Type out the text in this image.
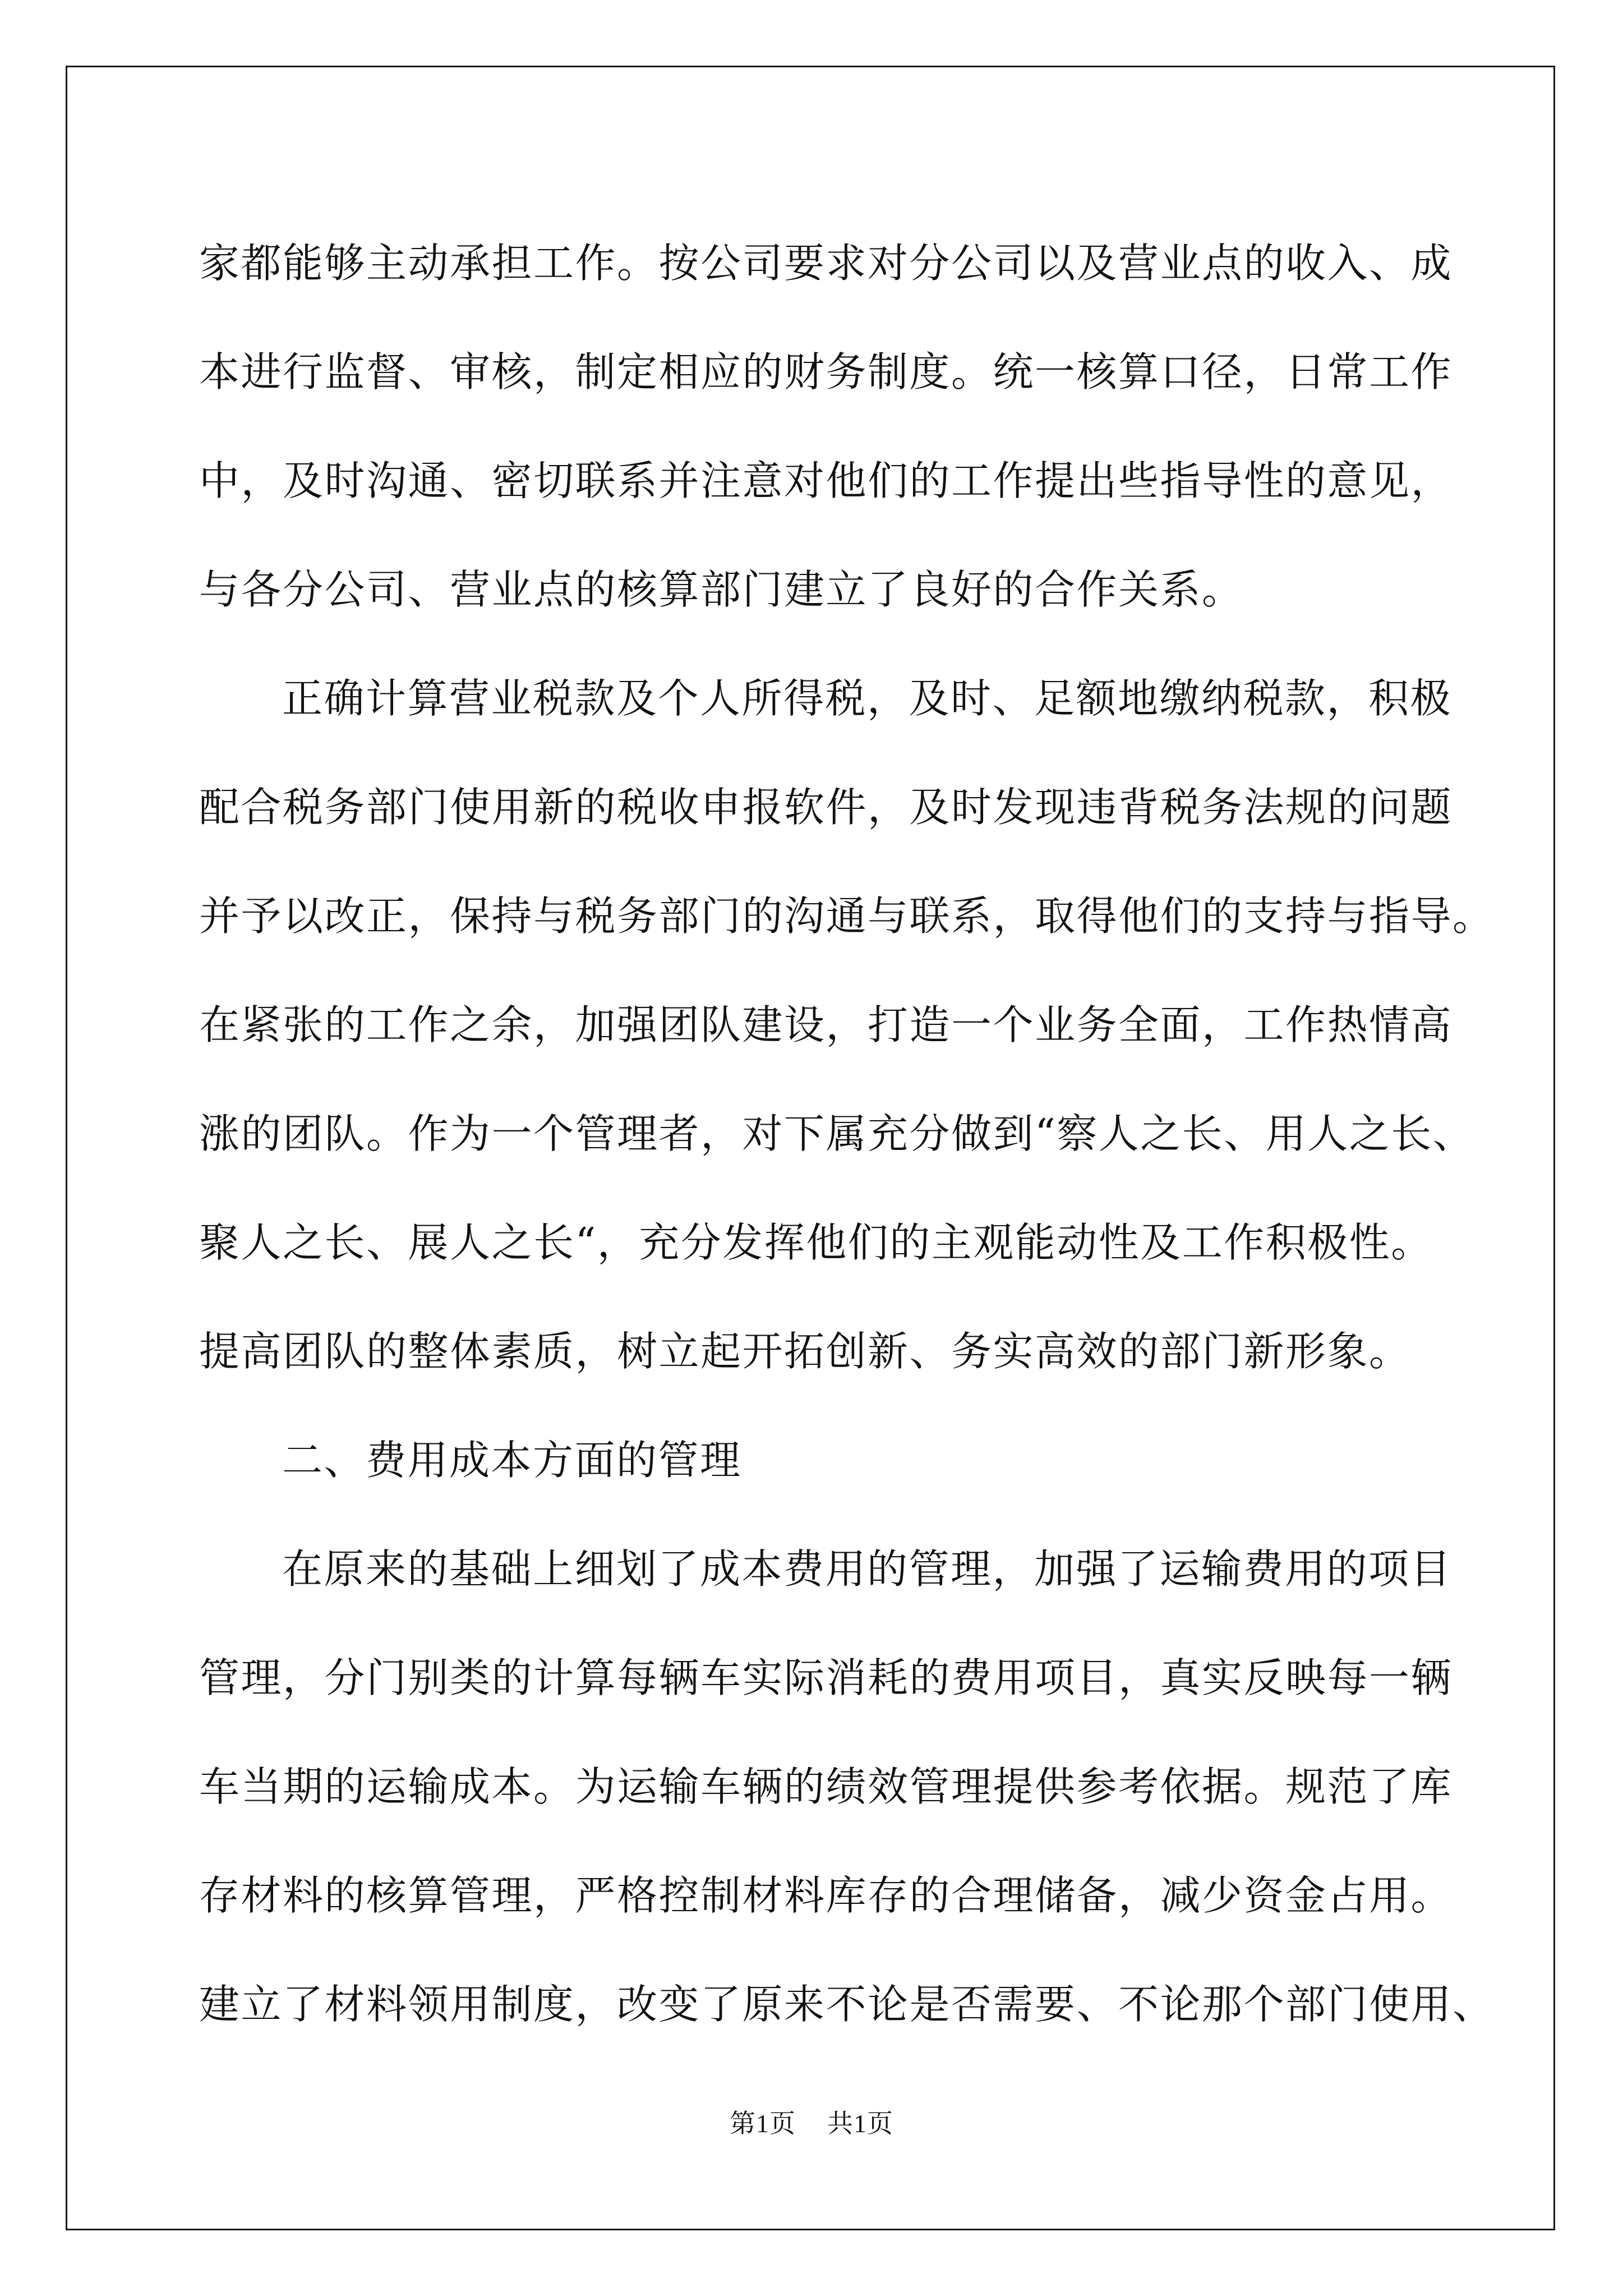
家都能够主动承担工作。按公司要求对分公司以及营业点的收入、成
本进行监督、审核，制定相应的财务制度。统一核算口径，日常工作
中，及时沟通、密切联系并注意对他们的工作提出些指导性的意见，
与各分公司、营业点的核算部门建立了良好的合作关系。
正确计算营业税款及个人所得税，及时、足额地缴纳税款，积极
配合税务部门使用新的税收申报软件，及时发现违背税务法规的问题
并予以改正，保持与税务部门的沟通与联系，取得他们的支持与指导。
在紧张的工作之余，加强团队建设，打造一个业务全面，工作热情高
涨的团队。作为一个管理者，对下属充分做到“察人之长、用人之长、
聚人之长、展人之长“，充分发挥他们的主观能动性及工作积极性。
提高团队的整体素质，树立起开拓创新、务实高效的部门新形象。
二、费用成本方面的管理
在原来的基础上细划了成本费用的管理，加强了运输费用的项目
管理，分门别类的计算每辆车实际消耗的费用项目，真实反映每一辆
车当期的运输成本。为运输车辆的绩效管理提供参考依据。规范了库
存材料的核算管理，严格控制材料库存的合理储备，减少资金占用。
建立了材料领用制度，改变了原来不论是否需要、不论那个部门使用、
第1页 共1页
